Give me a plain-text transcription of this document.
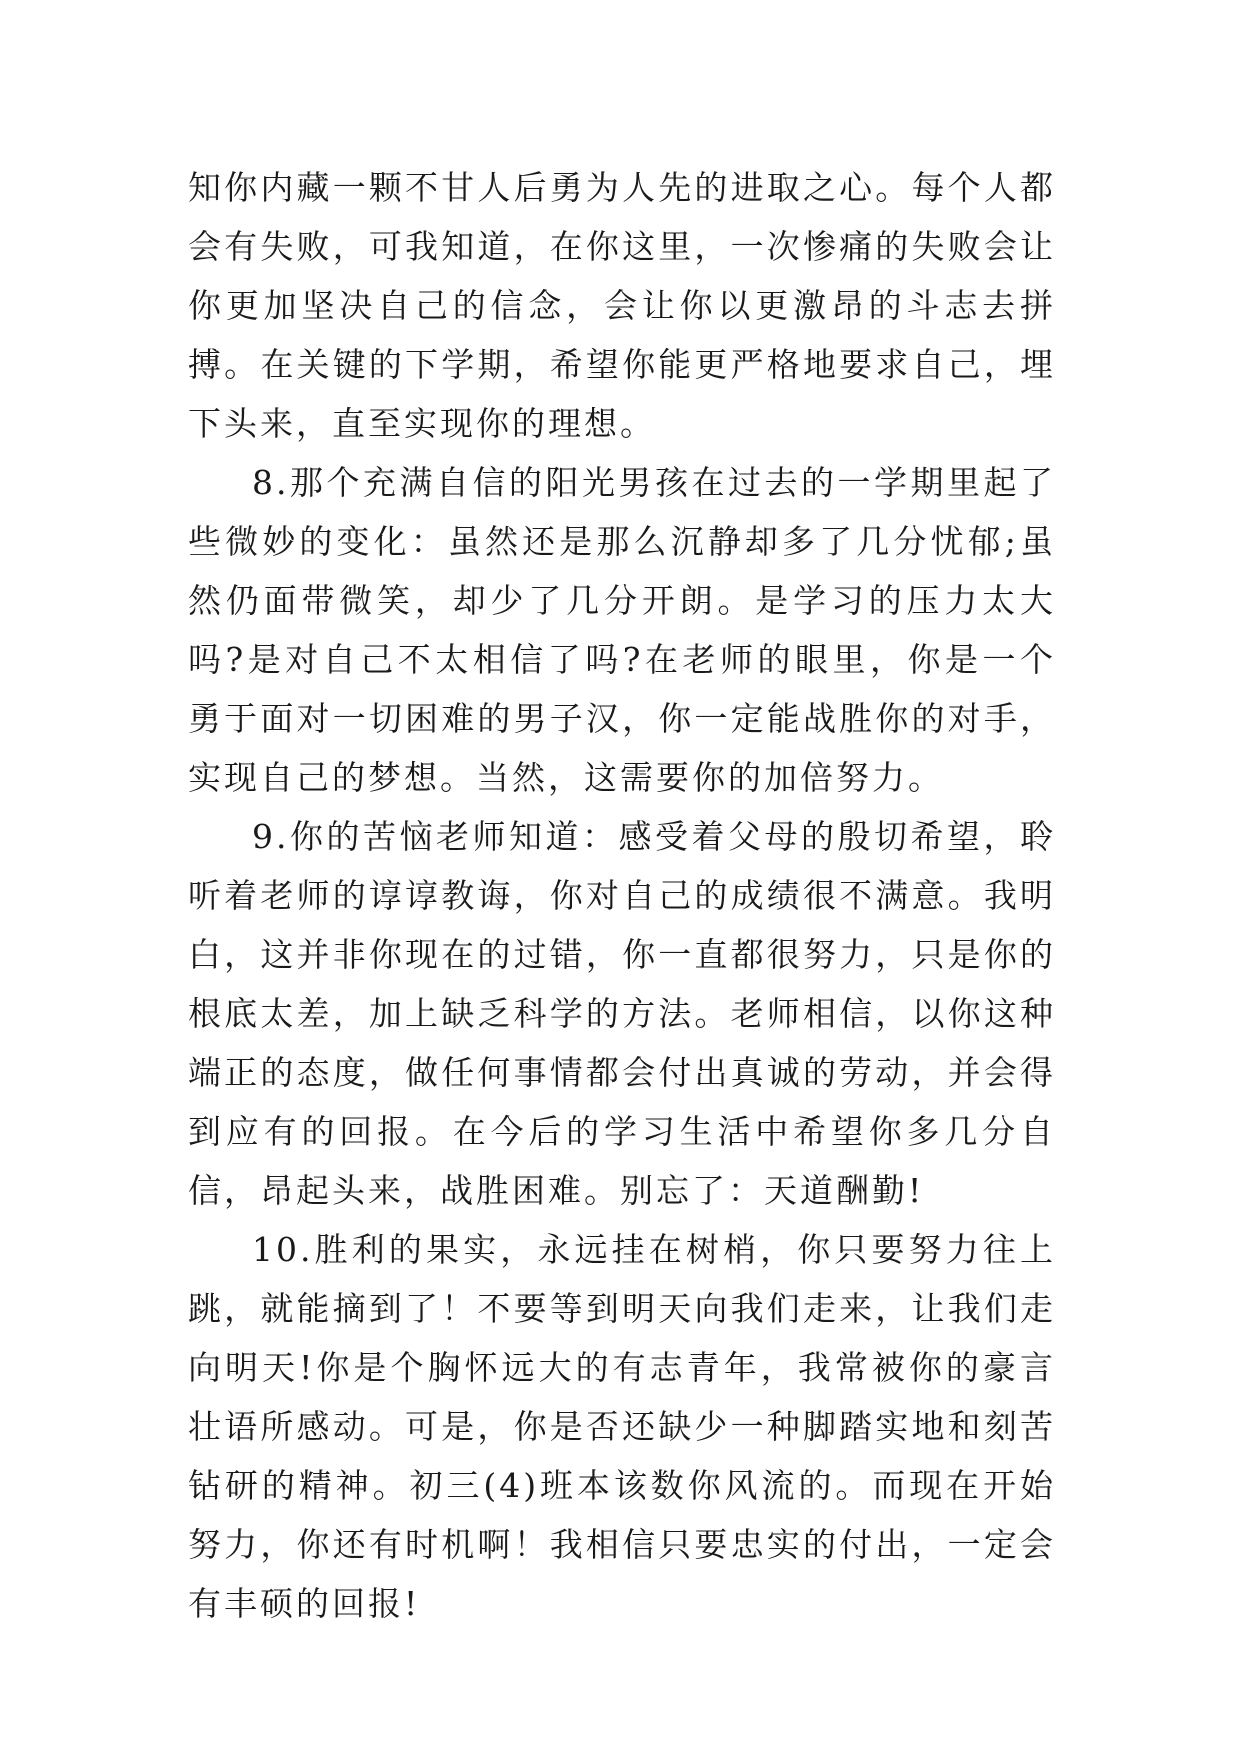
知你内藏一颗不甘人后勇为人先的进取之心。每个人都会有失败，可我知道，在你这里，一次惨痛的失败会让你更加坚决自己的信念，会让你以更激昂的斗志去拼搏。在关键的下学期，希望你能更严格地要求自己，埋下头来，直至实现你的理想。

8.那个充满自信的阳光男孩在过去的一学期里起了些微妙的变化：虽然还是那么沉静却多了几分忧郁;虽然仍面带微笑，却少了几分开朗。是学习的压力太大吗?是对自己不太相信了吗?在老师的眼里，你是一个勇于面对一切困难的男子汉，你一定能战胜你的对手，实现自己的梦想。当然，这需要你的加倍努力。

9.你的苦恼老师知道：感受着父母的殷切希望，聆听着老师的谆谆教诲，你对自己的成绩很不满意。我明白，这并非你现在的过错，你一直都很努力，只是你的根底太差，加上缺乏科学的方法。老师相信，以你这种端正的态度，做任何事情都会付出真诚的劳动，并会得到应有的回报。在今后的学习生活中希望你多几分自信，昂起头来，战胜困难。别忘了：天道酬勤!

10.胜利的果实，永远挂在树梢，你只要努力往上跳，就能摘到了！不要等到明天向我们走来，让我们走向明天!你是个胸怀远大的有志青年，我常被你的豪言壮语所感动。可是，你是否还缺少一种脚踏实地和刻苦钻研的精神。初三(4)班本该数你风流的。而现在开始努力，你还有时机啊！我相信只要忠实的付出，一定会有丰硕的回报!
